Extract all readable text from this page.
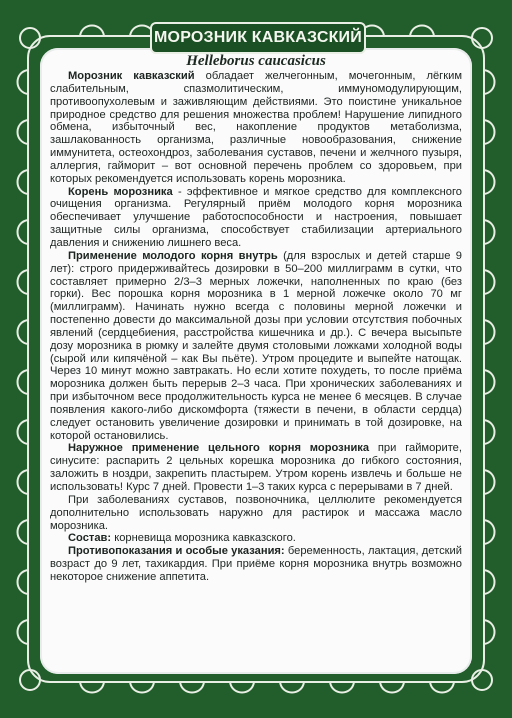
МОРОЗНИК КАВКАЗСКИЙ
Helleborus caucasicus

Морозник кавказский обладает желчегонным, мочегонным, лёгким слабительным, спазмолитическим, иммуномодулирующим, противоопухолевым и заживляющим действиями. Это поистине уникальное природное средство для решения множества проблем! Нарушение липидного обмена, избыточный вес, накопление продуктов метаболизма, зашлакованность организма, различные новообразования, снижение иммунитета, остеохондроз, заболевания суставов, печени и желчного пузыря, аллергия, гайморит – вот основной перечень проблем со здоровьем, при которых рекомендуется использовать корень морозника.

Корень морозника - эффективное и мягкое средство для комплексного очищения организма. Регулярный приём молодого корня морозника обеспечивает улучшение работоспособности и настроения, повышает защитные силы организма, способствует стабилизации артериального давления и снижению лишнего веса.

Применение молодого корня внутрь (для взрослых и детей старше 9 лет): строго придерживайтесь дозировки в 50–200 миллиграмм в сутки, что составляет примерно 2/3–3 мерных ложечки, наполненных по краю (без горки). Вес порошка корня морозника в 1 мерной ложечке около 70 мг (миллиграмм). Начинать нужно всегда с половины мерной ложечки и постепенно довести до максимальной дозы при условии отсутствия побочных явлений (сердцебиения, расстройства кишечника и др.). С вечера высыпьте дозу морозника в рюмку и залейте двумя столовыми ложками холодной воды (сырой или кипячёной – как Вы пьёте). Утром процедите и выпейте натощак. Через 10 минут можно завтракать. Но если хотите похудеть, то после приёма морозника должен быть перерыв 2–3 часа. При хронических заболеваниях и при избыточном весе продолжительность курса не менее 6 месяцев. В случае появления какого-либо дискомфорта (тяжести в печени, в области сердца) следует остановить увеличение дозировки и принимать в той дозировке, на которой остановились.

Наружное применение цельного корня морозника при гайморите, синусите: распарить 2 цельных корешка морозника до гибкого состояния, заложить в ноздри, закрепить пластырем. Утром корень извлечь и больше не использовать! Курс 7 дней. Провести 1–3 таких курса с перерывами в 7 дней.

При заболеваниях суставов, позвоночника, целлюлите рекомендуется дополнительно использовать наружно для растирок и массажа масло морозника.

Состав: корневища морозника кавказского.

Противопоказания и особые указания: беременность, лактация, детский возраст до 9 лет, тахикардия. При приёме корня морозника внутрь возможно некоторое снижение аппетита.
